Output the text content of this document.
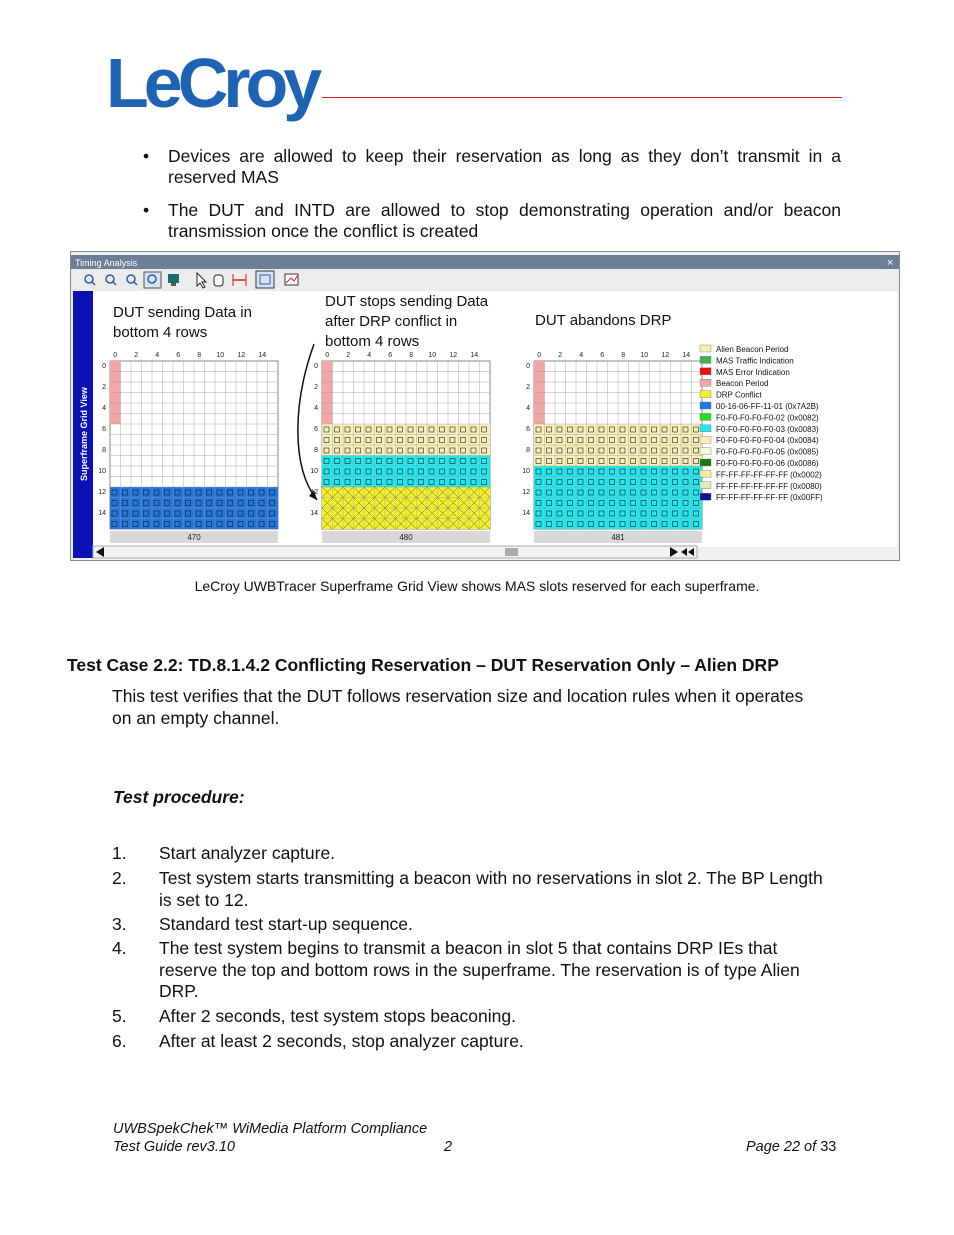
LeCroy
• Devices are allowed to keep their reservation as long as they don’t transmit in a reserved MAS
• The DUT and INTD are allowed to stop demonstrating operation and/or beacon transmission once the conflict is created
Timing Analysis	×
Superframe Grid View
DUT sending Data in
bottom 4 rows
DUT stops sending Data
after DRP conflict in
bottom 4 rows
DUT abandons DRP
0 2 4 6 8 10 12 14
0
2
4
6
8
10
12
14
470
0 2 4 6 8 10 12 14
0
2
4
6
8
10
12
14
480
0 2 4 6 8 10 12 14
0
2
4
6
8
10
12
14
481
Alien Beacon Period
MAS Traffic Indication
MAS Error Indication
Beacon Period
DRP Conflict
00-16-06-FF-11-01 (0x7A2B)
F0-F0-F0-F0-F0-02 (0x0082)
F0-F0-F0-F0-F0-03 (0x0083)
F0-F0-F0-F0-F0-04 (0x0084)
F0-F0-F0-F0-F0-05 (0x0085)
F0-F0-F0-F0-F0-06 (0x0086)
FF-FF-FF-FF-FF-FF (0x0002)
FF-FF-FF-FF-FF-FF (0x0080)
FF-FF-FF-FF-FF-FF (0x00FF)
LeCroy UWBTracer Superframe Grid View shows MAS slots reserved for each superframe.
Test Case 2.2: TD.8.1.4.2 Conflicting Reservation – DUT Reservation Only – Alien DRP
This test verifies that the DUT follows reservation size and location rules when it operates on an empty channel.
Test procedure:
1. Start analyzer capture.
2. Test system starts transmitting a beacon with no reservations in slot 2. The BP Length is set to 12.
3. Standard test start-up sequence.
4. The test system begins to transmit a beacon in slot 5 that contains DRP IEs that reserve the top and bottom rows in the superframe. The reservation is of type Alien DRP.
5. After 2 seconds, test system stops beaconing.
6. After at least 2 seconds, stop analyzer capture.
UWBSpekChek™ WiMedia Platform Compliance
Test Guide rev3.10	2	Page 22 of 33
